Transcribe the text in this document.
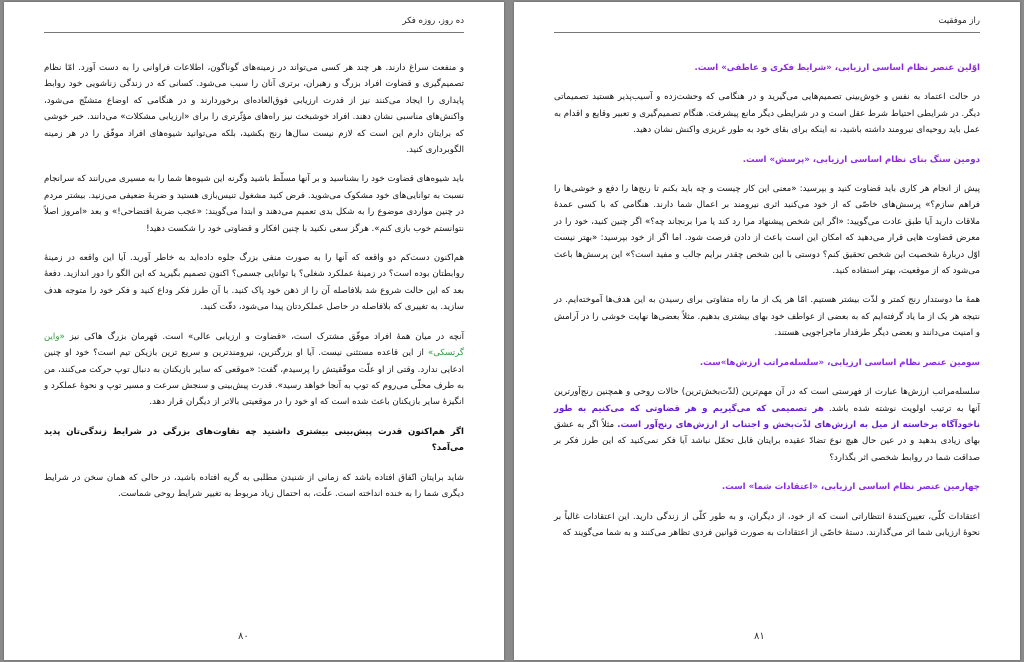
ده روز، روزه فکر

و منفعت سراغ دارند. هر چند هر کسی می‌تواند در زمینه‌های گوناگون، اطلاعات فراوانی را به دست آورد. امّا نظام تصمیم‌گیری و قضاوت افراد بزرگ و رهبران، برتری آنان را سبب می‌شود. کسانی که در زندگی زناشویی خود روابط پایداری را ایجاد می‌کنند نیز از قدرت ارزیابی فوق‌العاده‌ای برخوردارند و در هنگامی که اوضاع متشنّج می‌شود، واکنش‌های مناسبی نشان دهند. افراد خوشبخت نیز راه‌های مؤثّرتری را برای «ارزیابی مشکلات» می‌دانند. خبر خوشی که برایتان دارم این است که لازم نیست سال‌ها رنج بکشید، بلکه می‌توانید شیوه‌های افراد موفّق را در هر زمینه الگوبرداری کنید.

باید شیوه‌های قضاوت خود را بشناسید و بر آنها مسلّط باشید وگرنه این شیوه‌ها شما را به مسیری می‌رانند که سرانجام نسبت به توانایی‌های خود مشکوک می‌شوید. فرض کنید مشغول تنیس‌بازی هستید و ضربهٔ ضعیفی می‌زنید. بیشتر مردم در چنین مواردی موضوع را به شکل بدی تعمیم می‌دهند و ابتدا می‌گویند: «عجب ضربهٔ افتضاحی!» و بعد «امروز اصلاً نتوانستم خوب بازی کنم». هرگز سعی نکنید با چنین افکار و قضاوتی خود را شکست دهید!

هم‌اکنون دست‌کم دو واقعه که آنها را به صورت منفی بزرگ جلوه داده‌اید به خاطر آورید. آیا این واقعه در زمینهٔ روابطتان بوده است؟ در زمینهٔ عملکرد شغلی؟ یا توانایی جسمی؟ اکنون تصمیم بگیرید که این الگو را دور اندازید. دفعهٔ بعد که این حالت شروع شد بلافاصله آن را از ذهن خود پاک کنید. با آن طرز فکر وداع کنید و فکر خود را متوجه هدف سازید. به تغییری که بلافاصله در حاصل عملکردتان پیدا می‌شود، دقّت کنید.

آنچه در میان همهٔ افراد موفّق مشترک است، «قضاوت و ارزیابی عالی» است. قهرمان بزرگ هاکی نیز «واین گرتسکی» از این قاعده مستثنی نیست. آیا او بزرگترین، نیرومندترین و سریع ترین بازیکن تیم است؟ خود او چنین ادعایی ندارد. وقتی از او علّت موفّقیتش را پرسیدم، گفت: «موقعی که سایر بازیکنان به دنبال توپ حرکت می‌کنند، من به طرف محلّی می‌روم که توپ به آنجا خواهد رسید». قدرت پیش‌بینی و سنجش سرعت و مسیر توپ و نحوهٔ عملکرد و انگیزهٔ سایر بازیکنان باعث شده است که او خود را در موقعیتی بالاتر از دیگران قرار دهد.

اگر هم‌اکنون قدرت پیش‌بینی بیشتری داشتید چه تفاوت‌های بزرگی در شرایط زندگی‌تان پدید می‌آمد؟

شاید برایتان اتّفاق افتاده باشد که زمانی از شنیدن مطلبی به گریه افتاده باشید، در حالی که همان سخن در شرایط دیگری شما را به خنده انداخته است. علّت، به احتمال زیاد مربوط به تغییر شرایط روحی شماست.

۸۰
راز موفقیت

اوّلین عنصر نظام اساسی ارزیابی، «شرایط فکری و عاطفی» است.

در حالت اعتماد به نفس و خوش‌بینی تصمیم‌هایی می‌گیرید و در هنگامی که وحشت‌زده و آسیب‌پذیر هستید تصمیماتی دیگر. در شرایطی احتیاط شرط عقل است و در شرایطی دیگر مانع پیشرفت. هنگام تصمیم‌گیری و تعبیر وقایع و اقدام به عمل باید روحیه‌ای نیرومند داشته باشید، نه اینکه برای بقای خود به طور غریزی واکنش نشان دهید.

دومین سنگ بنای نظام اساسی ارزیابی، «پرسش» است.

پیش از انجام هر کاری باید قضاوت کنید و بپرسید: «معنی این کار چیست و چه باید بکنم تا رنج‌ها را دفع و خوشی‌ها را فراهم سازم؟» پرسش‌های خاصّی که از خود می‌کنید اثری نیرومند بر اعمال شما دارند. هنگامی که با کسی عمدهٔ ملاقات دارید آیا طبق عادت می‌گویید: «اگر این شخص پیشنهاد مرا رد کند یا مرا برنجاند چه؟» اگر چنین کنید، خود را در معرض قضاوت هایی قرار می‌دهید که امکان این است باعث از دادن فرصت شود. اما اگر از خود بپرسید: «بهتر نیست اوّل دربارهٔ شخصیت این شخص تحقیق کنم؟ دوستی با این شخص چقدر برایم جالب و مفید است؟» این پرسش‌ها باعث می‌شود که از موقعیت، بهتر استفاده کنید.

همهٔ ما دوستدار رنج کمتر و لذّت بیشتر هستیم. امّا هر یک از ما راه متفاوتی برای رسیدن به این هدف‌ها آموخته‌ایم. در نتیجه هر یک از ما یاد گرفته‌ایم که به بعضی از عواطف خود بهای بیشتری بدهیم. مثلاً بعضی‌ها نهایت خوشی را در آرامش و امنیت می‌دانند و بعضی دیگر طرفدار ماجراجویی هستند.

سومین عنصر نظام اساسی ارزیابی، «سلسله‌مراتب ارزش‌ها»ست.

سلسله‌مراتب ارزش‌ها عبارت از فهرستی است که در آن مهم‌ترین (لذّت‌بخش‌ترین) حالات روحی و همچنین رنج‌آورترین آنها به ترتیب اولویت نوشته شده باشد. هر تصمیمی که می‌گیریم و هر قضاوتی که می‌کنیم به طور ناخودآگاه برخاسته از میل به ارزش‌های لذّت‌بخش و اجتناب از ارزش‌های رنج‌آور است. مثلاً اگر به عشق بهای زیادی بدهید و در عین حال هیچ نوع تضادّ عقیده برایتان قابل تحمّل نباشد آیا فکر نمی‌کنید که این طرز فکر بر صداقت شما در روابط شخصی اثر بگذارد؟

چهارمین عنصر نظام اساسی ارزیابی، «اعتقادات شما» است.

اعتقادات کلّی، تعیین‌کنندهٔ انتظاراتی است که از خود، از دیگران، و به طور کلّی از زندگی دارید. این اعتقادات غالباً بر نحوهٔ ارزیابی شما اثر می‌گذارند. دستهٔ خاصّی از اعتقادات به صورت قوانین فردی تظاهر می‌کنند و به شما می‌گویند که

۸۱
